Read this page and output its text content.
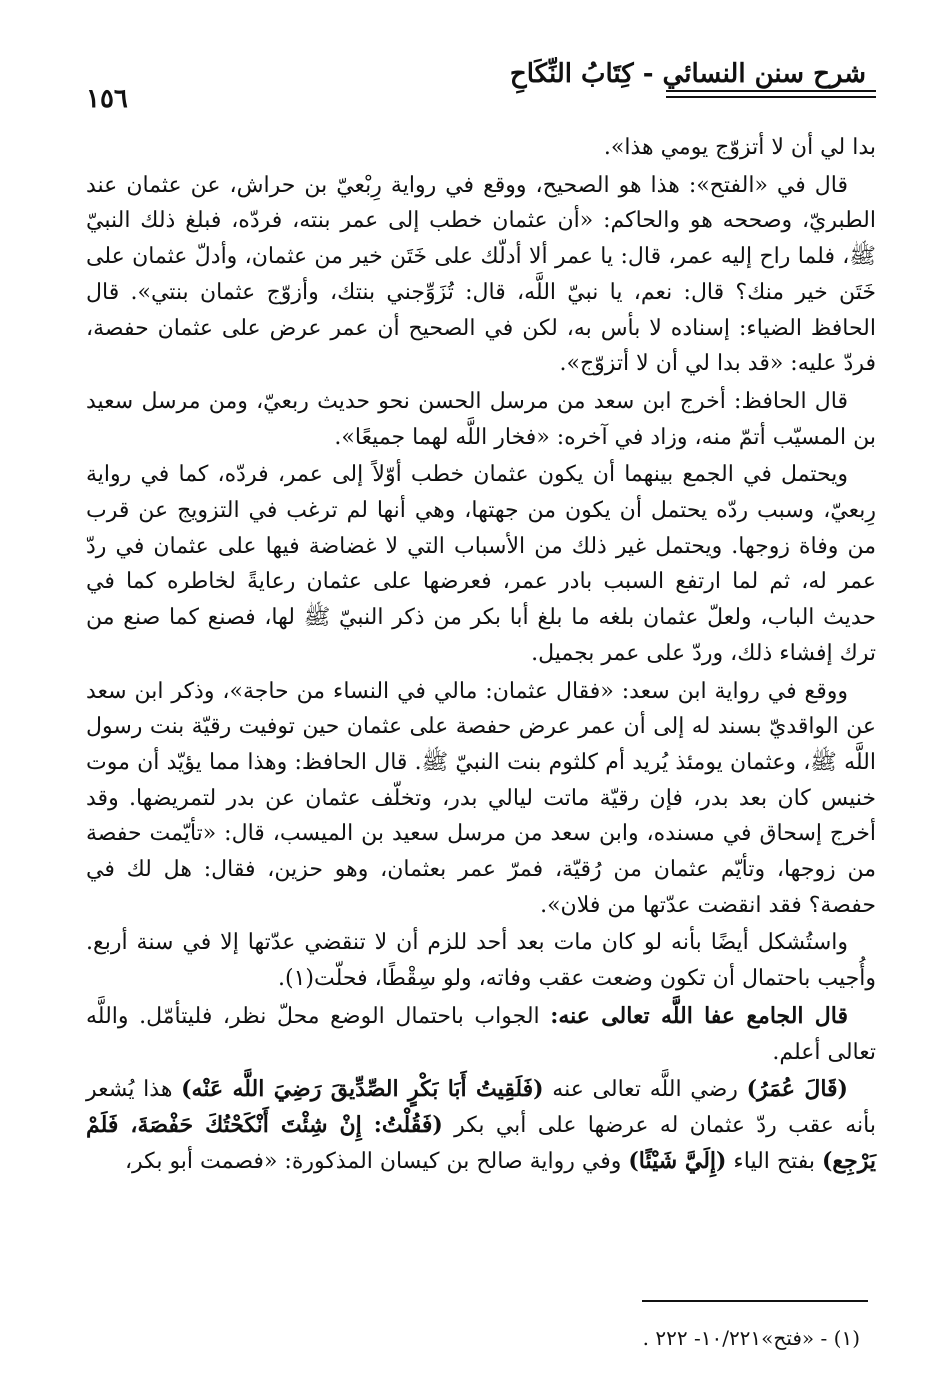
شرح سنن النسائي - كِتَابُ النِّكَاحِ
١٥٦

بدا لي أن لا أتزوّج يومي هذا».

قال في «الفتح»: هذا هو الصحيح، ووقع في رواية رِبْعيّ بن حراش، عن عثمان عند الطبريّ، وصححه هو والحاكم: «أن عثمان خطب إلى عمر بنته، فردّه، فبلغ ذلك النبيّ ﷺ، فلما راح إليه عمر، قال: يا عمر ألا أدلّك على خَتَن خير من عثمان، وأدلّ عثمان على خَتَن خير منك؟ قال: نعم، يا نبيّ اللَّه، قال: تُزَوِّجني بنتك، وأزوّج عثمان بنتي». قال الحافظ الضياء: إسناده لا بأس به، لكن في الصحيح أن عمر عرض على عثمان حفصة، فردّ عليه: «قد بدا لي أن لا أتزوّج».

قال الحافظ: أخرج ابن سعد من مرسل الحسن نحو حديث ربعيّ، ومن مرسل سعيد بن المسيّب أتمّ منه، وزاد في آخره: «فخار اللَّه لهما جميعًا».

ويحتمل في الجمع بينهما أن يكون عثمان خطب أوّلاً إلى عمر، فردّه، كما في رواية رِبعيّ، وسبب ردّه يحتمل أن يكون من جهتها، وهي أنها لم ترغب في التزويج عن قرب من وفاة زوجها. ويحتمل غير ذلك من الأسباب التي لا غضاضة فيها على عثمان في ردّ عمر له، ثم لما ارتفع السبب بادر عمر، فعرضها على عثمان رعايةً لخاطره كما في حديث الباب، ولعلّ عثمان بلغه ما بلغ أبا بكر من ذكر النبيّ ﷺ لها، فصنع كما صنع من ترك إفشاء ذلك، وردّ على عمر بجميل.

ووقع في رواية ابن سعد: «فقال عثمان: مالي في النساء من حاجة»، وذكر ابن سعد عن الواقديّ بسند له إلى أن عمر عرض حفصة على عثمان حين توفيت رقيّة بنت رسول اللَّه ﷺ، وعثمان يومئذ يُريد أم كلثوم بنت النبيّ ﷺ. قال الحافظ: وهذا مما يؤيّد أن موت خنيس كان بعد بدر، فإن رقيّة ماتت ليالي بدر، وتخلّف عثمان عن بدر لتمريضها. وقد أخرج إسحاق في مسنده، وابن سعد من مرسل سعيد بن الميسب، قال: «تأيّمت حفصة من زوجها، وتأيّم عثمان من رُقيّة، فمرّ عمر بعثمان، وهو حزين، فقال: هل لك في حفصة؟ فقد انقضت عدّتها من فلان».

واستُشكل أيضًا بأنه لو كان مات بعد أحد للزم أن لا تنقضي عدّتها إلا في سنة أربع. وأُجيب باحتمال أن تكون وضعت عقب وفاته، ولو سِقْطًا، فحلّت(١).

قال الجامع عفا اللَّه تعالى عنه: الجواب باحتمال الوضع محلّ نظر، فليتأمّل. واللَّه تعالى أعلم.

(قَالَ عُمَرُ) رضي اللَّه تعالى عنه (فَلَقِيتُ أَبَا بَكْرٍ الصِّدِّيقَ رَضِيَ اللَّه عَنْه) هذا يُشعر بأنه عقب ردّ عثمان له عرضها على أبي بكر (فَقُلْتُ: إِنْ شِئْتَ أَنْكَحْتُكَ حَفْصَةَ، فَلَمْ يَرْجِع) بفتح الياء (إِلَيَّ شَيْئًا) وفي رواية صالح بن كيسان المذكورة: «فصمت أبو بكر،

(١) - «فتح»١٠/٢٢١- ٢٢٢ .
